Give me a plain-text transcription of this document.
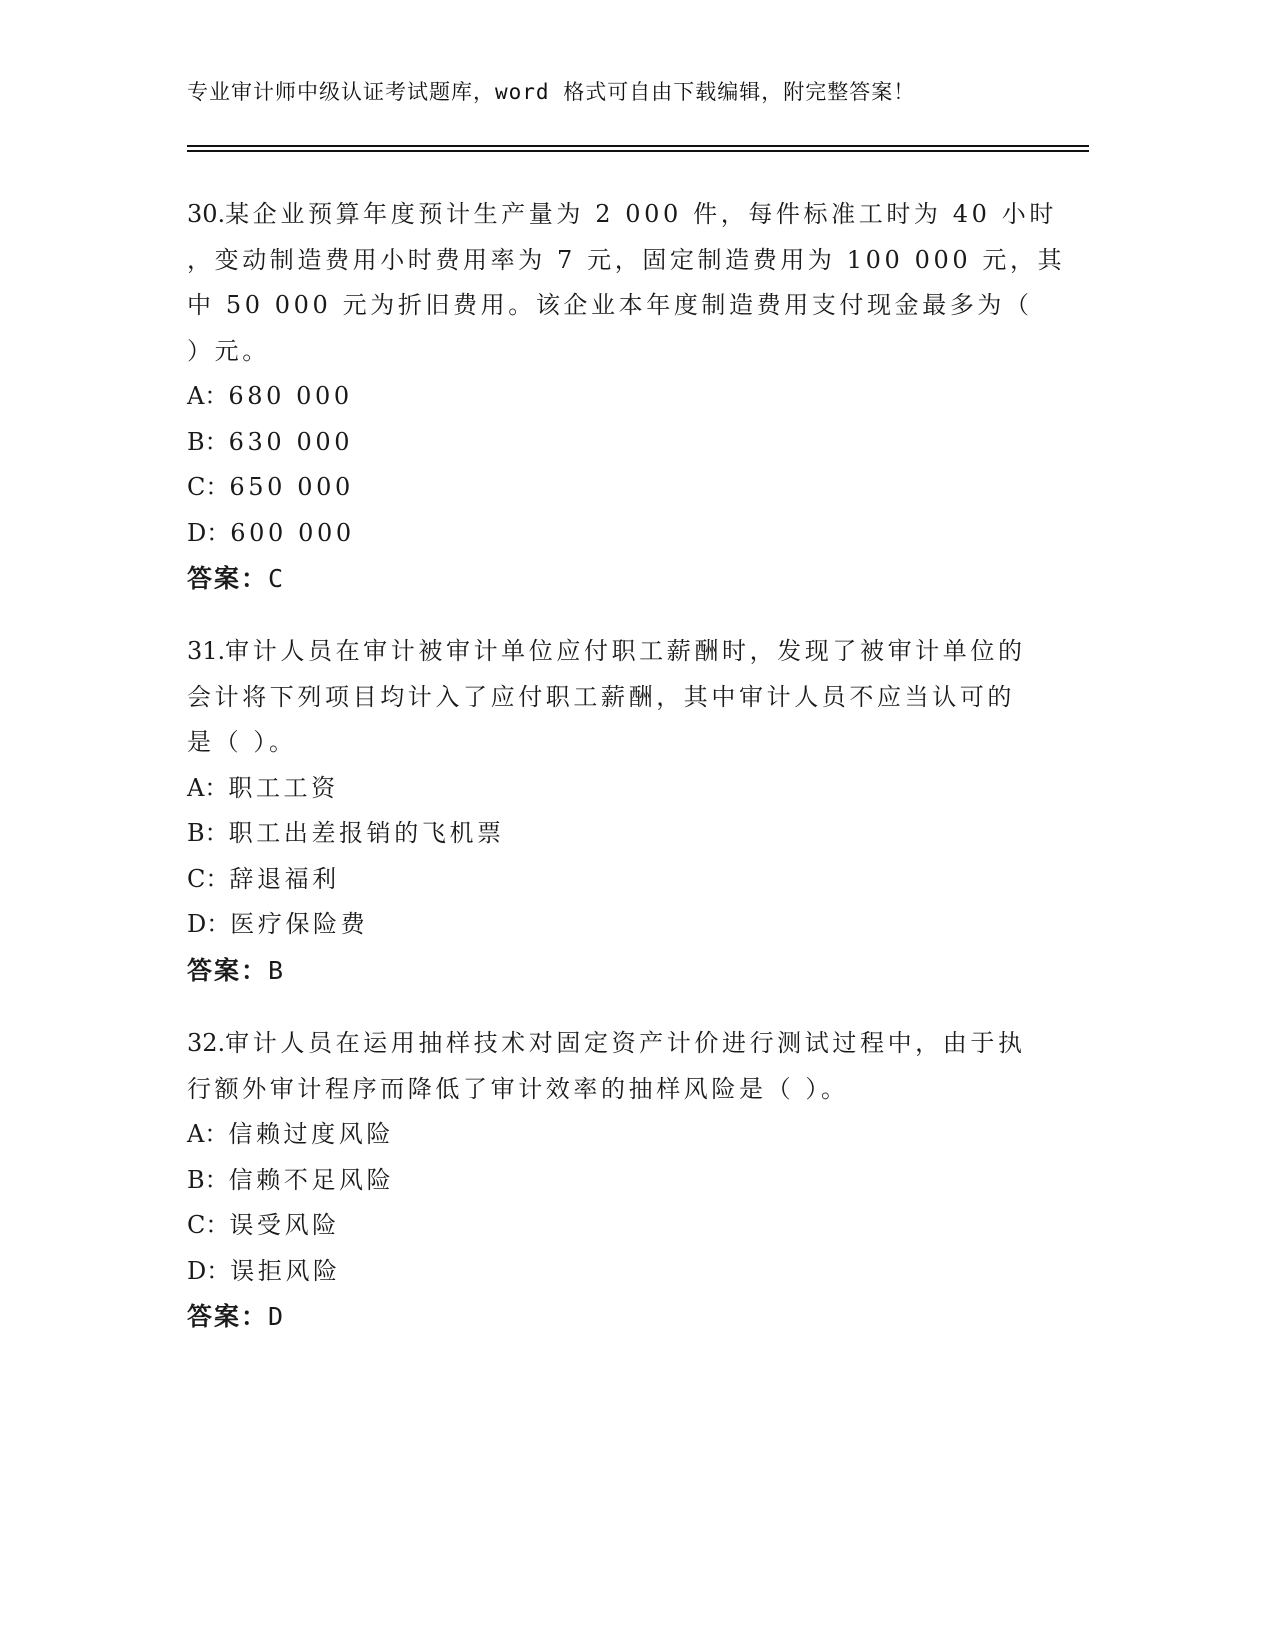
专业审计师中级认证考试题库，word 格式可自由下载编辑，附完整答案！
30.某企业预算年度预计生产量为 2 000 件，每件标准工时为 40 小时
，变动制造费用小时费用率为 7 元，固定制造费用为 100 000 元，其
中 50 000 元为折旧费用。该企业本年度制造费用支付现金最多为（
）元。
A：680 000
B：630 000
C：650 000
D：600 000
答案：C
31.审计人员在审计被审计单位应付职工薪酬时，发现了被审计单位的
会计将下列项目均计入了应付职工薪酬，其中审计人员不应当认可的
是（ ）。
A：职工工资
B：职工出差报销的飞机票
C：辞退福利
D：医疗保险费
答案：B
32.审计人员在运用抽样技术对固定资产计价进行测试过程中，由于执
行额外审计程序而降低了审计效率的抽样风险是（ ）。
A：信赖过度风险
B：信赖不足风险
C：误受风险
D：误拒风险
答案：D
